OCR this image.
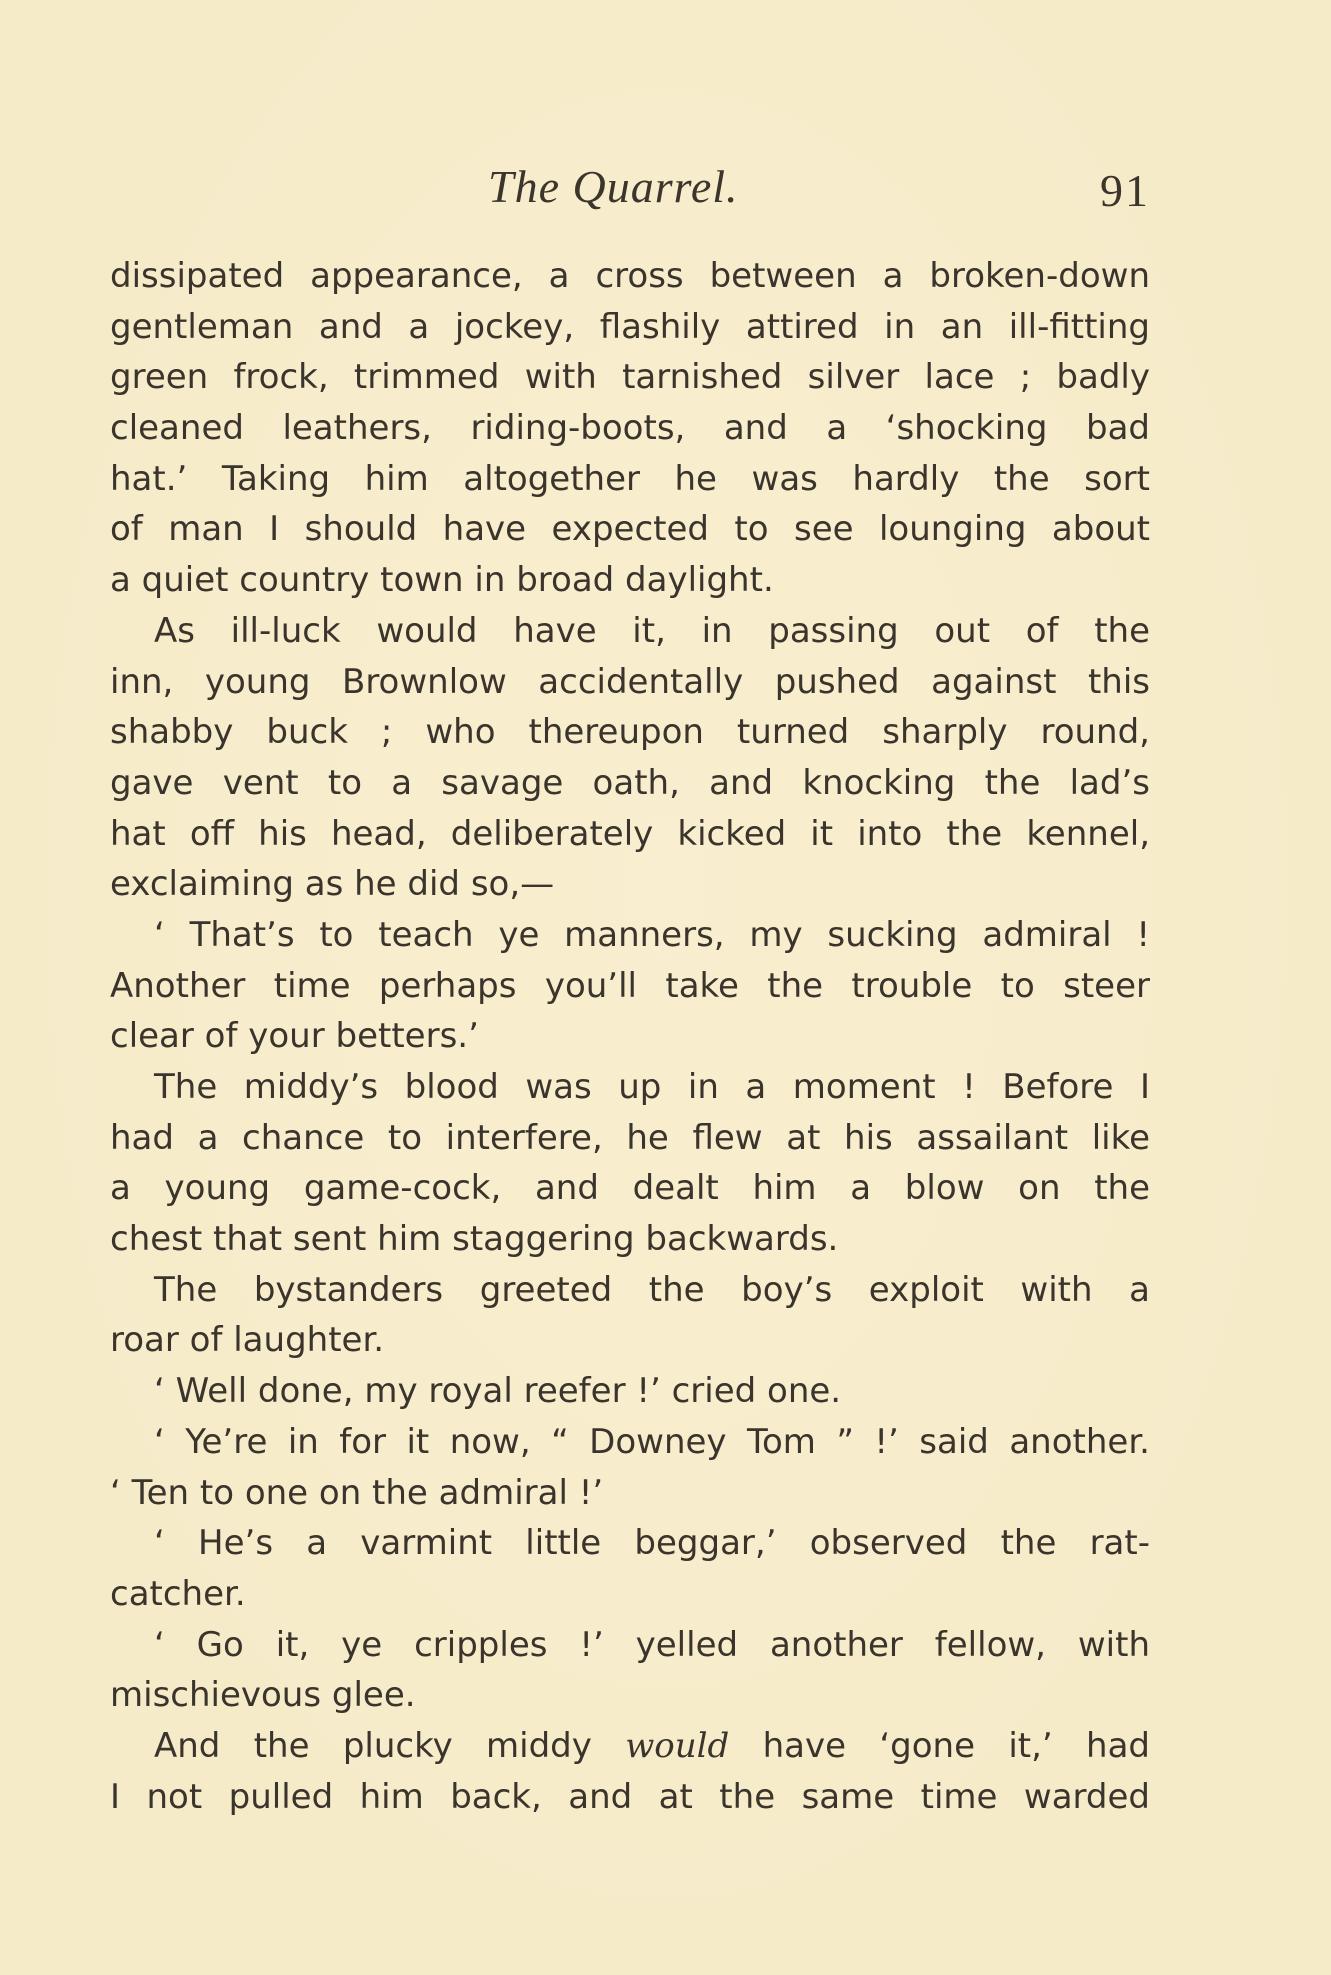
The Quarrel.	91
dissipated appearance, a cross between a broken-down
gentleman and a jockey, flashily attired in an ill-fitting
green frock, trimmed with tarnished silver lace ; badly
cleaned leathers, riding-boots, and a ‘shocking bad
hat.’ Taking him altogether he was hardly the sort
of man I should have expected to see lounging about
a quiet country town in broad daylight.
As ill-luck would have it, in passing out of the
inn, young Brownlow accidentally pushed against this
shabby buck ; who thereupon turned sharply round,
gave vent to a savage oath, and knocking the lad’s
hat off his head, deliberately kicked it into the kennel,
exclaiming as he did so,—
‘ That’s to teach ye manners, my sucking admiral !
Another time perhaps you’ll take the trouble to steer
clear of your betters.’
The middy’s blood was up in a moment ! Before I
had a chance to interfere, he flew at his assailant like
a young game-cock, and dealt him a blow on the
chest that sent him staggering backwards.
The bystanders greeted the boy’s exploit with a
roar of laughter.
‘ Well done, my royal reefer !’ cried one.
‘ Ye’re in for it now, “ Downey Tom ” !’ said another.
‘ Ten to one on the admiral !’
‘ He’s a varmint little beggar,’ observed the rat-
catcher.
‘ Go it, ye cripples !’ yelled another fellow, with
mischievous glee.
And the plucky middy would have ‘gone it,’ had
I not pulled him back, and at the same time warded
